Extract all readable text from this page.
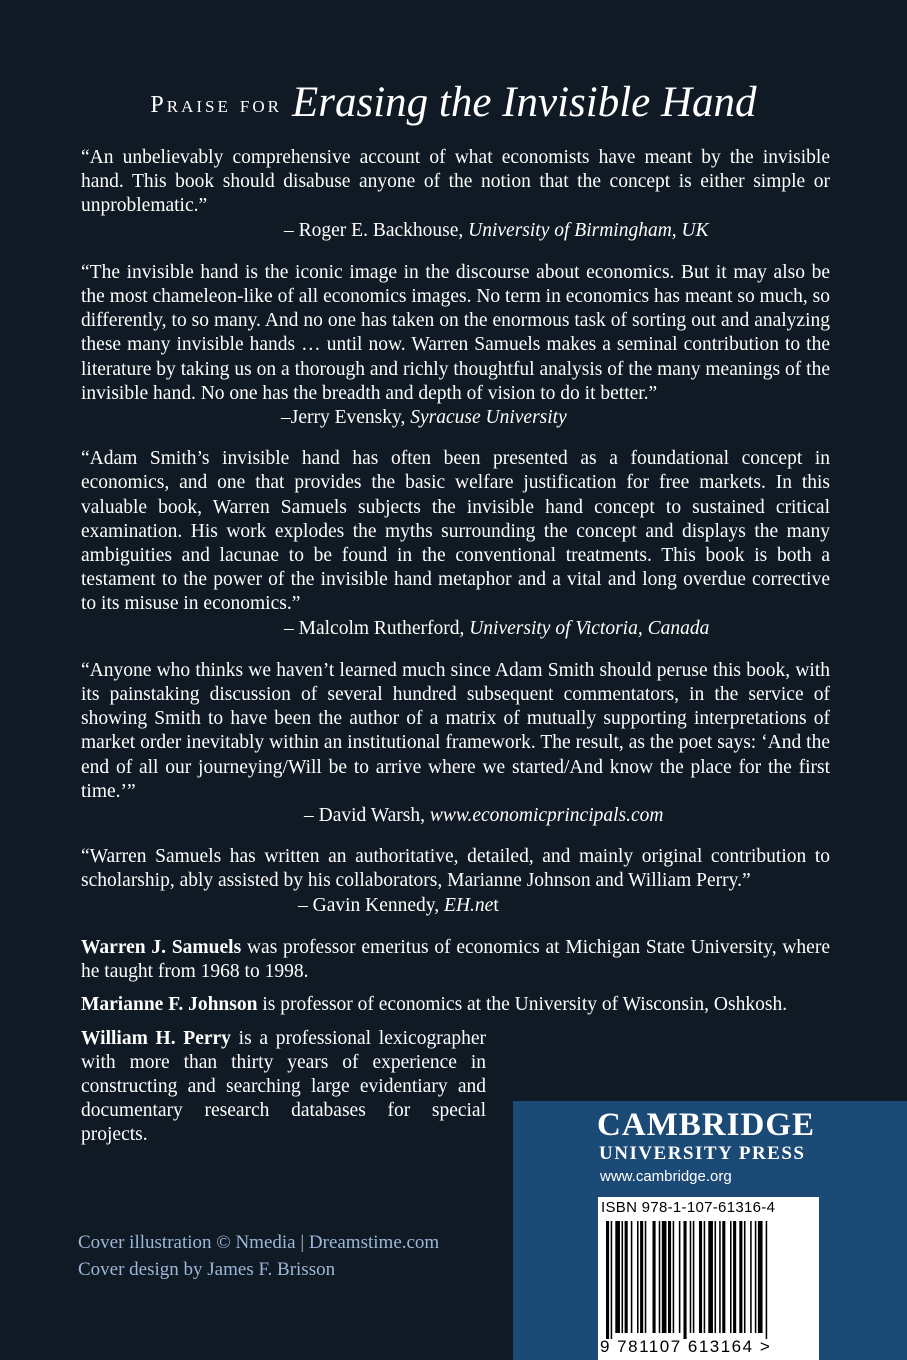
Praise for Erasing the Invisible Hand

“An unbelievably comprehensive account of what economists have meant by the invisible hand. This book should disabuse anyone of the notion that the concept is either simple or unproblematic.”

– Roger E. Backhouse, University of Birmingham, UK

“The invisible hand is the iconic image in the discourse about economics. But it may also be the most chameleon-like of all economics images. No term in economics has meant so much, so differently, to so many. And no one has taken on the enormous task of sorting out and analyzing these many invisible hands … until now. Warren Samuels makes a seminal contribution to the literature by taking us on a thorough and richly thoughtful analysis of the many meanings of the invisible hand. No one has the breadth and depth of vision to do it better.”

–Jerry Evensky, Syracuse University

“Adam Smith’s invisible hand has often been presented as a foundational concept in economics, and one that provides the basic welfare justification for free markets. In this valuable book, Warren Samuels subjects the invisible hand concept to sustained critical examination. His work explodes the myths surrounding the concept and displays the many ambiguities and lacunae to be found in the conventional treatments. This book is both a testament to the power of the invisible hand metaphor and a vital and long overdue corrective to its misuse in economics.”

– Malcolm Rutherford, University of Victoria, Canada

“Anyone who thinks we haven’t learned much since Adam Smith should peruse this book, with its painstaking discussion of several hundred subsequent commentators, in the service of showing Smith to have been the author of a matrix of mutually supporting interpretations of market order inevitably within an institutional framework. The result, as the poet says: ‘And the end of all our journeying/Will be to arrive where we started/And know the place for the first time.’”

– David Warsh, www.economicprincipals.com

“Warren Samuels has written an authoritative, detailed, and mainly original contribution to scholarship, ably assisted by his collaborators, Marianne Johnson and William Perry.”

– Gavin Kennedy, EH.net

Warren J. Samuels was professor emeritus of economics at Michigan State University, where he taught from 1968 to 1998.

Marianne F. Johnson is professor of economics at the University of Wisconsin, Oshkosh.

William H. Perry is a professional lexicographer with more than thirty years of experience in constructing and searching large evidentiary and documentary research databases for special projects.

Cover illustration © Nmedia | Dreamstime.com
Cover design by James F. Brisson
CAMBRIDGE
UNIVERSITY PRESS
www.cambridge.org
ISBN 978-1-107-61316-4
9 781107 613164 >
